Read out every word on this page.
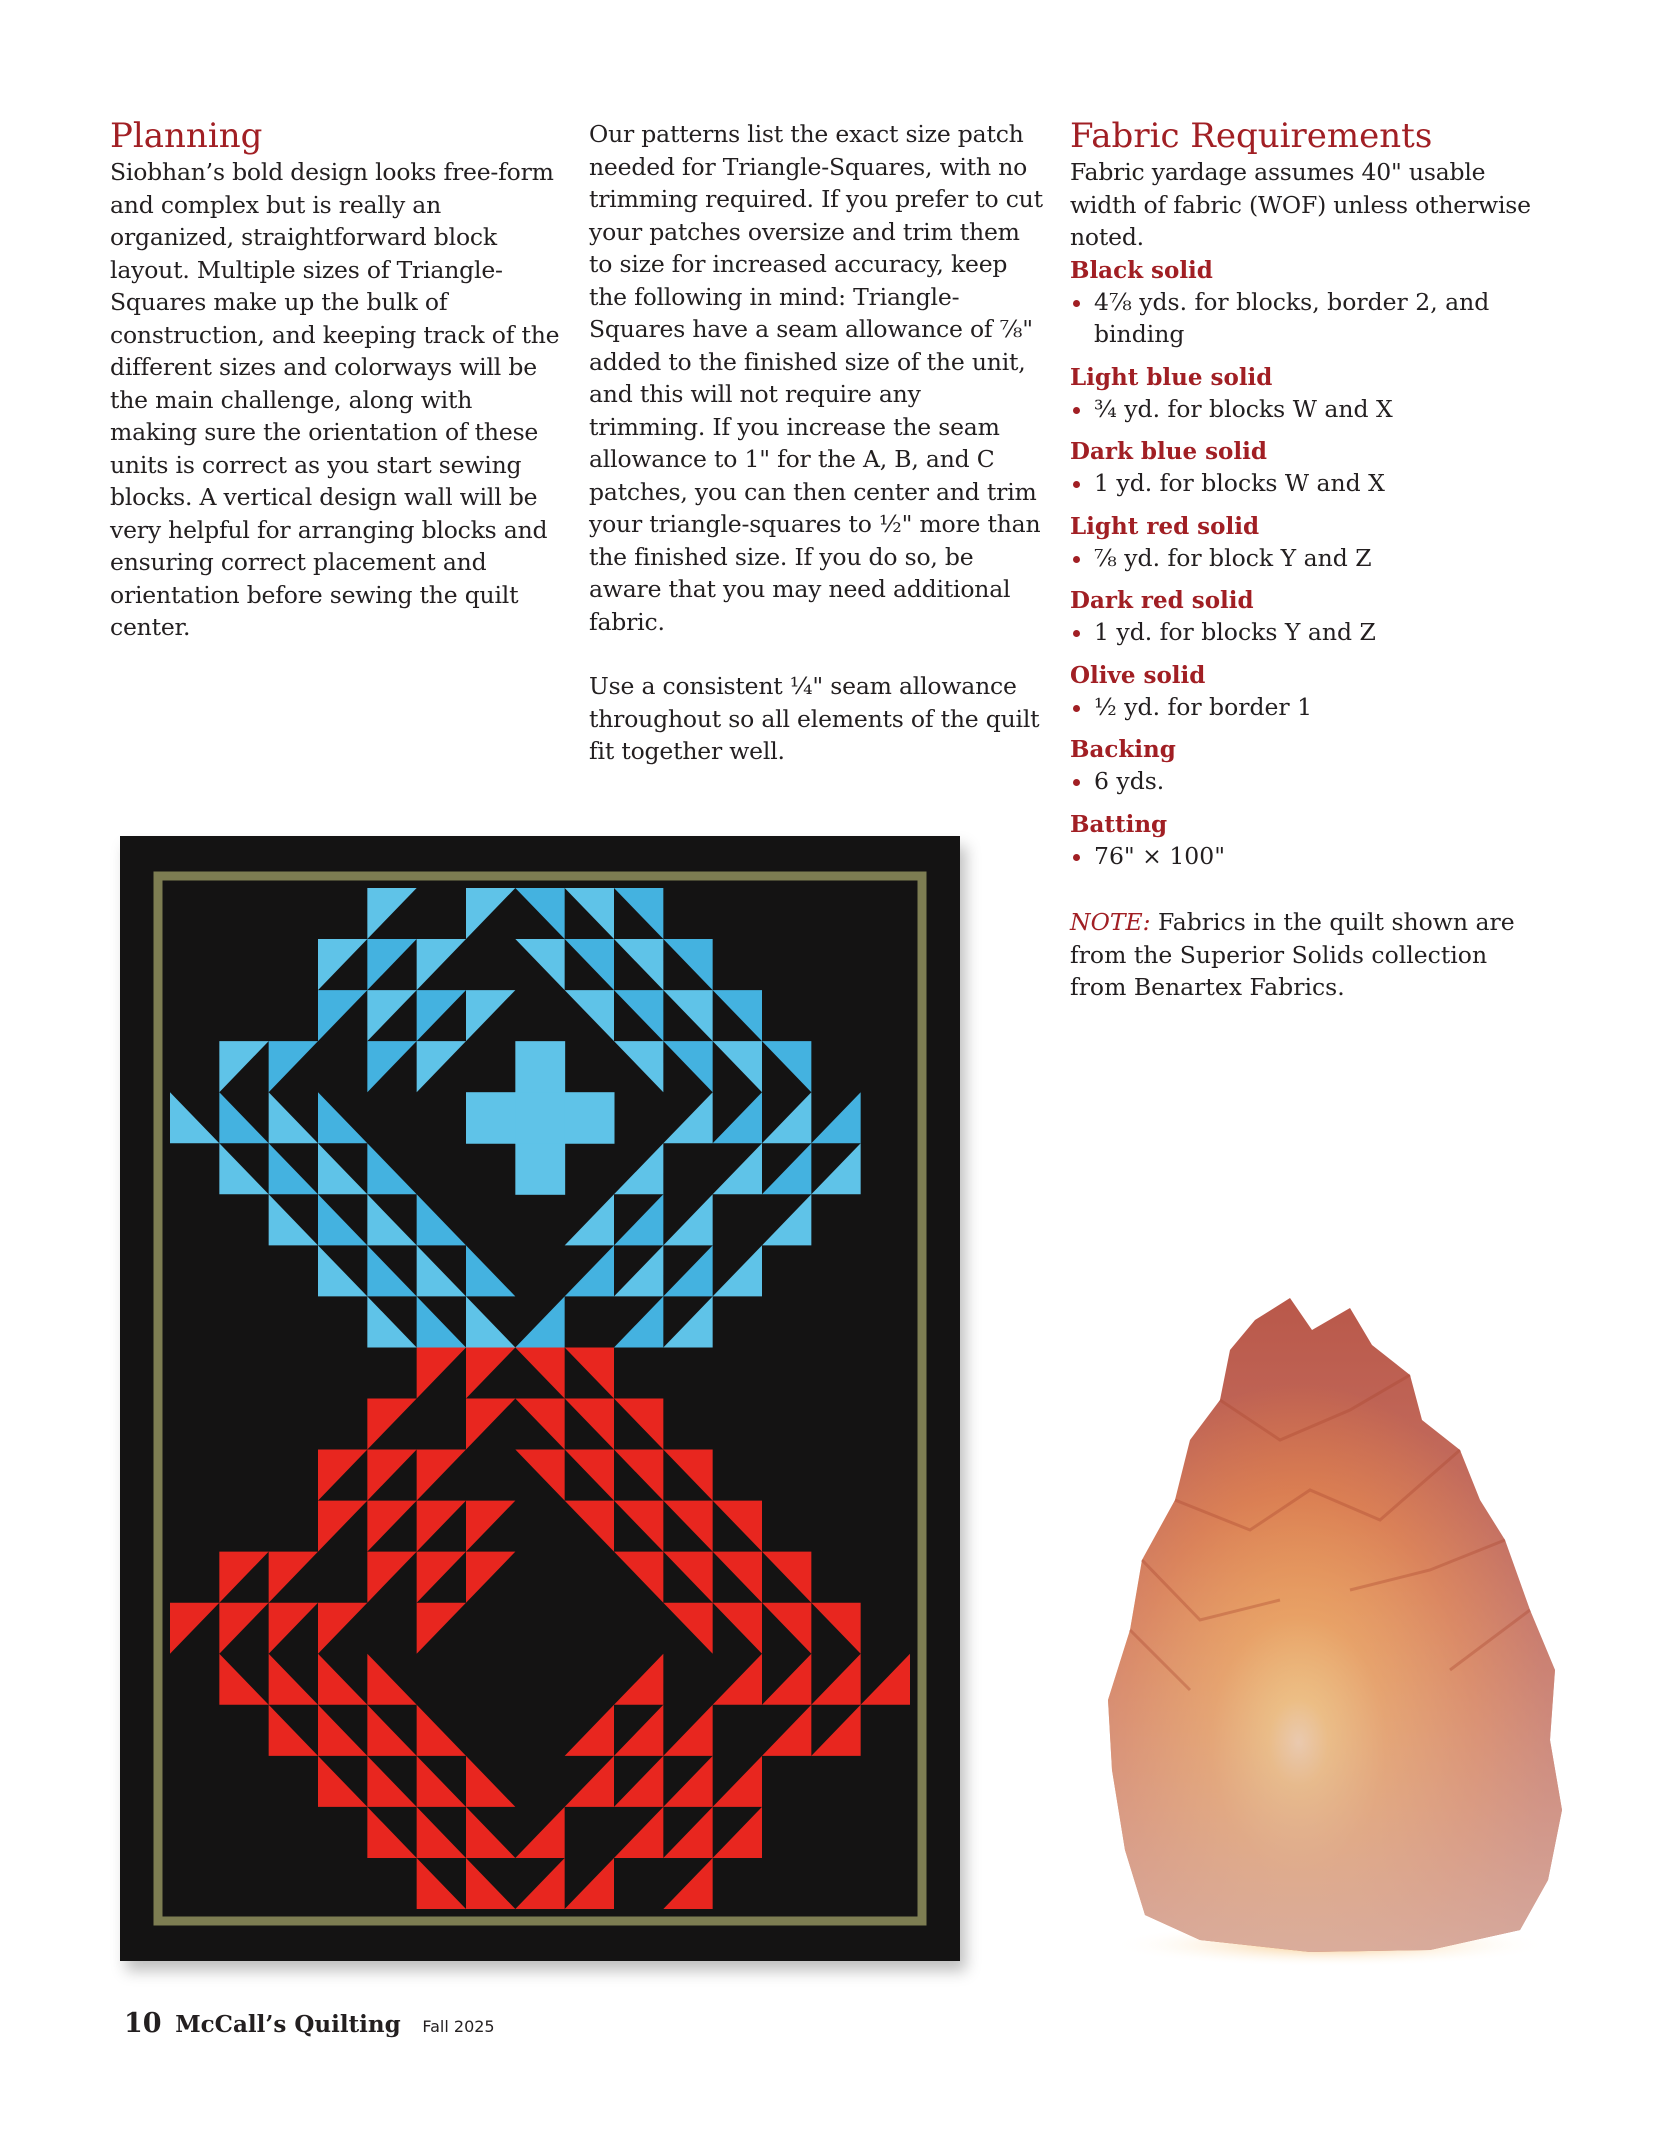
Planning

Siobhan’s bold design looks free-form and complex but is really an organized, straightforward block layout. Multiple sizes of Triangle-Squares make up the bulk of construction, and keeping track of the different sizes and colorways will be the main challenge, along with making sure the orientation of these units is correct as you start sewing blocks. A vertical design wall will be very helpful for arranging blocks and ensuring correct placement and orientation before sewing the quilt center.

Our patterns list the exact size patch needed for Triangle-Squares, with no trimming required. If you prefer to cut your patches oversize and trim them to size for increased accuracy, keep the following in mind: Triangle-Squares have a seam allowance of ⅞" added to the finished size of the unit, and this will not require any trimming. If you increase the seam allowance to 1" for the A, B, and C patches, you can then center and trim your triangle-squares to ½" more than the finished size. If you do so, be aware that you may need additional fabric.

Use a consistent ¼" seam allowance throughout so all elements of the quilt fit together well.

Fabric Requirements

Fabric yardage assumes 40" usable width of fabric (WOF) unless otherwise noted.

Black solid
4⅞ yds. for blocks, border 2, and binding
Light blue solid
¾ yd. for blocks W and X
Dark blue solid
1 yd. for blocks W and X
Light red solid
⅞ yd. for block Y and Z
Dark red solid
1 yd. for blocks Y and Z
Olive solid
½ yd. for border 1
Backing
6 yds.
Batting
76" × 100"

NOTE: Fabrics in the quilt shown are from the Superior Solids collection from Benartex Fabrics.

10 McCall’s Quilting Fall 2025
